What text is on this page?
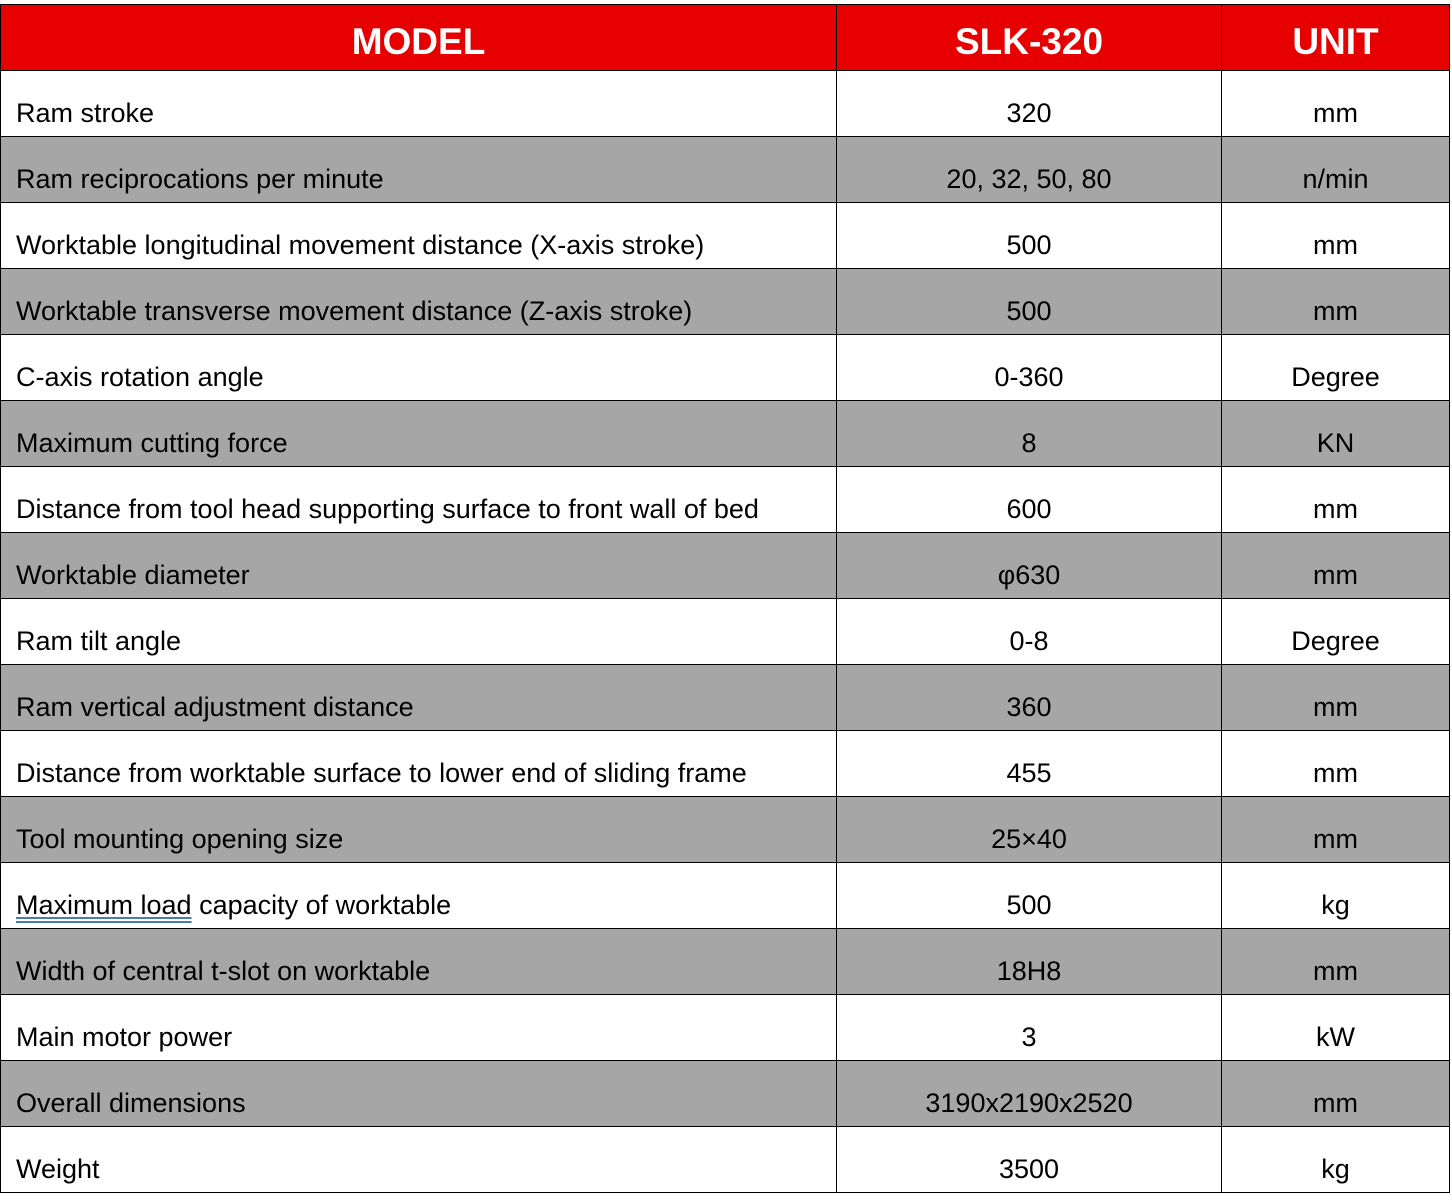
MODEL	SLK-320	UNIT
Ram stroke	320	mm
Ram reciprocations per minute	20, 32, 50, 80	n/min
Worktable longitudinal movement distance (X-axis stroke)	500	mm
Worktable transverse movement distance (Z-axis stroke)	500	mm
C-axis rotation angle	0-360	Degree
Maximum cutting force	8	KN
Distance from tool head supporting surface to front wall of bed	600	mm
Worktable diameter	φ630	mm
Ram tilt angle	0-8	Degree
Ram vertical adjustment distance	360	mm
Distance from worktable surface to lower end of sliding frame	455	mm
Tool mounting opening size	25×40	mm
Maximum load capacity of worktable	500	kg
Width of central t-slot on worktable	18H8	mm
Main motor power	3	kW
Overall dimensions	3190x2190x2520	mm
Weight	3500	kg
